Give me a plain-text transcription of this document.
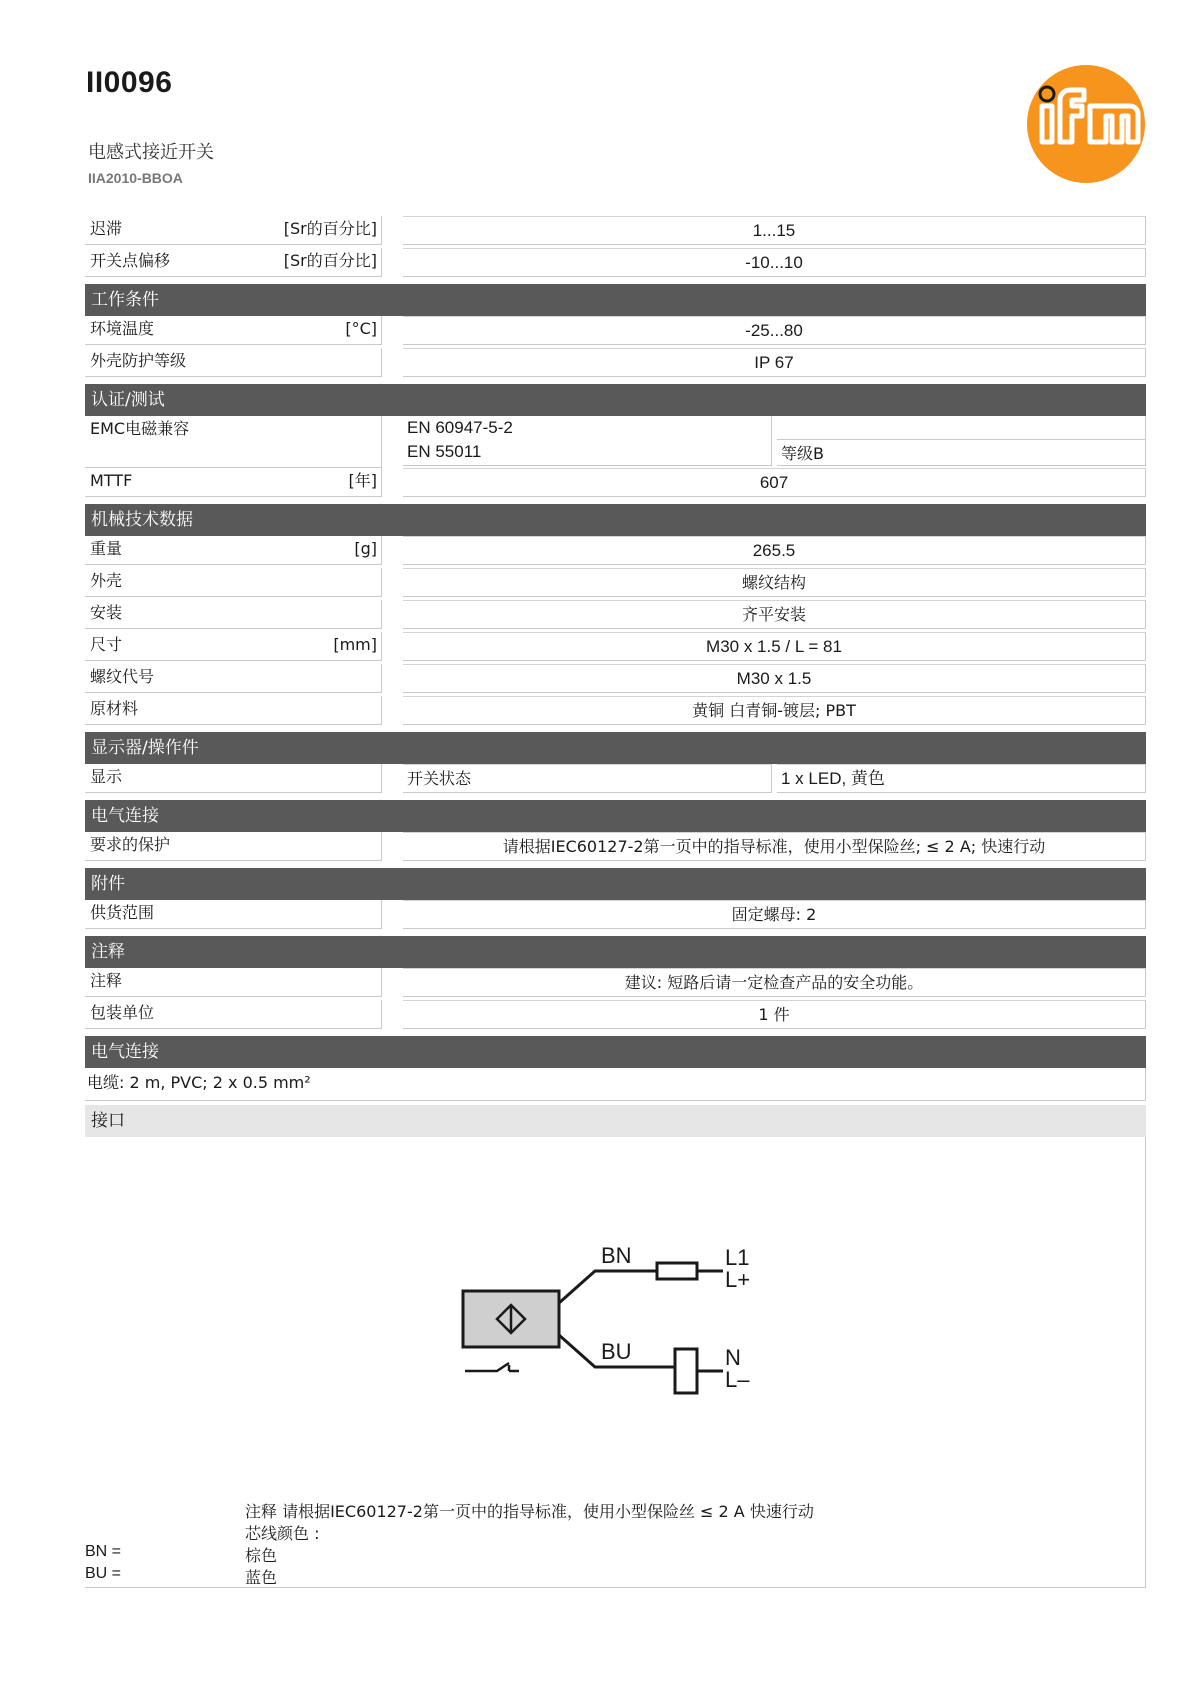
II0096
电感式接近开关
IIA2010-BBOA
迟滞	[Sr的百分比]	1...15
开关点偏移	[Sr的百分比]	-10...10
工作条件
环境温度	[°C]	-25...80
外壳防护等级	IP 67
认证/测试
EMC电磁兼容	EN 60947-5-2
EN 55011	等级B
MTTF	[年]	607
机械技术数据
重量	[g]	265.5
外壳	螺纹结构
安装	齐平安装
尺寸	[mm]	M30 x 1.5 / L = 81
螺纹代号	M30 x 1.5
原材料	黄铜 白青铜-镀层; PBT
显示器/操作件
显示	开关状态	1 x LED, 黄色
电气连接
要求的保护	请根据IEC60127-2第一页中的指导标准，使用小型保险丝; ≤ 2 A; 快速行动
附件
供货范围	固定螺母: 2
注释
注释	建议: 短路后请一定检查产品的安全功能。
包装单位	1 件
电气连接
电缆: 2 m, PVC; 2 x 0.5 mm²
接口
BN
BU
L1
L+
N
L–
注释 请根据IEC60127-2第一页中的指导标准，使用小型保险丝 ≤ 2 A 快速行动
芯线颜色 :
BN =	棕色
BU =	蓝色
